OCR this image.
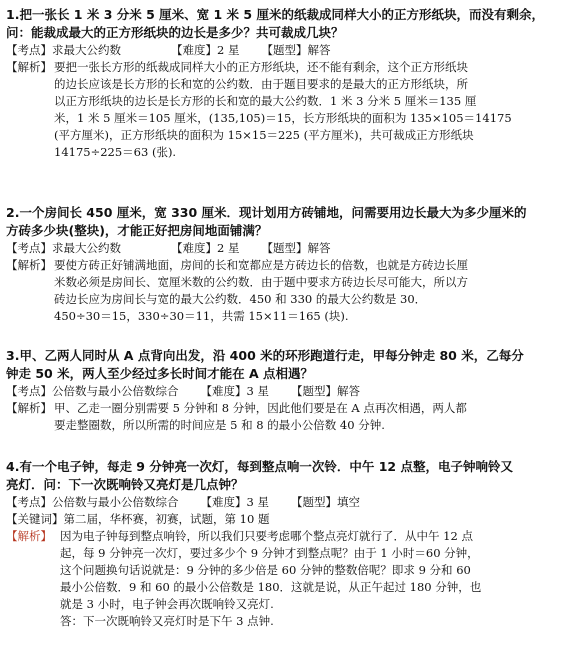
1.把一张长 1 米 3 分米 5 厘米、宽 1 米 5 厘米的纸裁成同样大小的正方形纸块，而没有剩余，
问：能裁成最大的正方形纸块的边长是多少？共可裁成几块？
【考点】求最大公约数	【难度】2 星 【题型】解答
【解析】 要把一张长方形的纸裁成同样大小的正方形纸块，还不能有剩余，这个正方形纸块
的边长应该是长方形的长和宽的公约数．由于题目要求的是最大的正方形纸块，所
以正方形纸块的边长是长方形的长和宽的最大公约数．1 米 3 分米 5 厘米＝135 厘
米，1 米 5 厘米＝105 厘米，(135,105)＝15，长方形纸块的面积为 135×105＝14175
(平方厘米)，正方形纸块的面积为 15×15＝225 (平方厘米)，共可裁成正方形纸块
14175÷225＝63 (张).
2.一个房间长 450 厘米，宽 330 厘米．现计划用方砖铺地，问需要用边长最大为多少厘米的
方砖多少块(整块)，才能正好把房间地面铺满？
【考点】求最大公约数	【难度】2 星 【题型】解答
【解析】 要使方砖正好铺满地面，房间的长和宽都应是方砖边长的倍数，也就是方砖边长厘
米数必须是房间长、宽厘米数的公约数．由于题中要求方砖边长尽可能大，所以方
砖边长应为房间长与宽的最大公约数．450 和 330 的最大公约数是 30．
450÷30＝15，330÷30＝11，共需 15×11＝165 (块).
3.甲、乙两人同时从 A 点背向出发，沿 400 米的环形跑道行走，甲每分钟走 80 米，乙每分
钟走 50 米，两人至少经过多长时间才能在 A 点相遇？
【考点】公倍数与最小公倍数综合 【难度】3 星 【题型】解答
【解析】 甲、乙走一圈分别需要 5 分钟和 8 分钟，因此他们要是在 A 点再次相遇，两人都
要走整圈数，所以所需的时间应是 5 和 8 的最小公倍数 40 分钟.
4.有一个电子钟，每走 9 分钟亮一次灯，每到整点响一次铃．中午 12 点整，电子钟响铃又
亮灯．问：下一次既响铃又亮灯是几点钟？
【考点】公倍数与最小公倍数综合 【难度】3 星 【题型】填空
【关键词】第二届，华杯赛，初赛，试题，第 10 题
【解析】 因为电子钟每到整点响铃，所以我们只要考虑哪个整点亮灯就行了．从中午 12 点
起，每 9 分钟亮一次灯，要过多少个 9 分钟才到整点呢？由于 1 小时＝60 分钟，
这个问题换句话说就是：9 分钟的多少倍是 60 分钟的整数倍呢？即求 9 分和 60
最小公倍数．9 和 60 的最小公倍数是 180．这就是说，从正午起过 180 分钟，也
就是 3 小时，电子钟会再次既响铃又亮灯.
答：下一次既响铃又亮灯时是下午 3 点钟.
